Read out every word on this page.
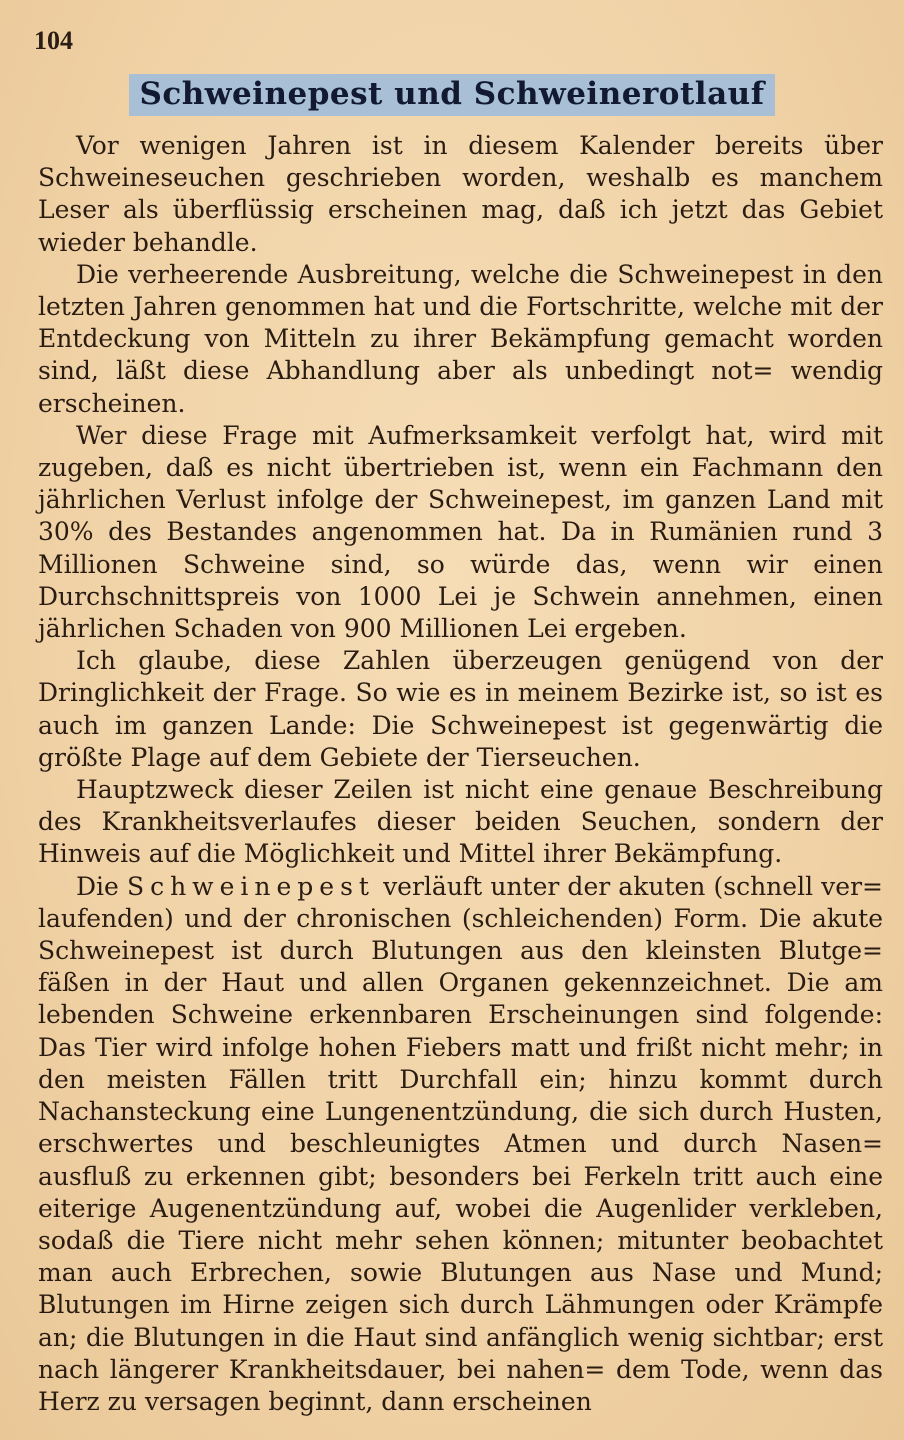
104
Schweinepest und Schweinerotlauf

Vor wenigen Jahren ist in diesem Kalender bereits über Schweineseuchen geschrieben worden, weshalb es manchem Leser als überflüssig erscheinen mag, daß ich jetzt das Gebiet wieder behandle.

Die verheerende Ausbreitung, welche die Schweinepest in den letzten Jahren genommen hat und die Fortschritte, welche mit der Entdeckung von Mitteln zu ihrer Bekämpfung gemacht worden sind, läßt diese Abhandlung aber als unbedingt not= wendig erscheinen.

Wer diese Frage mit Aufmerksamkeit verfolgt hat, wird mit zugeben, daß es nicht übertrieben ist, wenn ein Fachmann den jährlichen Verlust infolge der Schweinepest, im ganzen Land mit 30% des Bestandes angenommen hat. Da in Rumänien rund 3 Millionen Schweine sind, so würde das, wenn wir einen Durchschnittspreis von 1000 Lei je Schwein annehmen, einen jährlichen Schaden von 900 Millionen Lei ergeben.

Ich glaube, diese Zahlen überzeugen genügend von der Dringlichkeit der Frage. So wie es in meinem Bezirke ist, so ist es auch im ganzen Lande: Die Schweinepest ist gegenwärtig die größte Plage auf dem Gebiete der Tierseuchen.

Hauptzweck dieser Zeilen ist nicht eine genaue Beschreibung des Krankheitsverlaufes dieser beiden Seuchen, sondern der Hinweis auf die Möglichkeit und Mittel ihrer Bekämpfung.

Die Schweinepest verläuft unter der akuten (schnell ver= laufenden) und der chronischen (schleichenden) Form. Die akute Schweinepest ist durch Blutungen aus den kleinsten Blutge= fäßen in der Haut und allen Organen gekennzeichnet. Die am lebenden Schweine erkennbaren Erscheinungen sind folgende: Das Tier wird infolge hohen Fiebers matt und frißt nicht mehr; in den meisten Fällen tritt Durchfall ein; hinzu kommt durch Nachansteckung eine Lungenentzündung, die sich durch Husten, erschwertes und beschleunigtes Atmen und durch Nasen= ausfluß zu erkennen gibt; besonders bei Ferkeln tritt auch eine eiterige Augenentzündung auf, wobei die Augenlider verkleben, sodaß die Tiere nicht mehr sehen können; mitunter beobachtet man auch Erbrechen, sowie Blutungen aus Nase und Mund; Blutungen im Hirne zeigen sich durch Lähmungen oder Krämpfe an; die Blutungen in die Haut sind anfänglich wenig sichtbar; erst nach längerer Krankheitsdauer, bei nahen= dem Tode, wenn das Herz zu versagen beginnt, dann erscheinen
